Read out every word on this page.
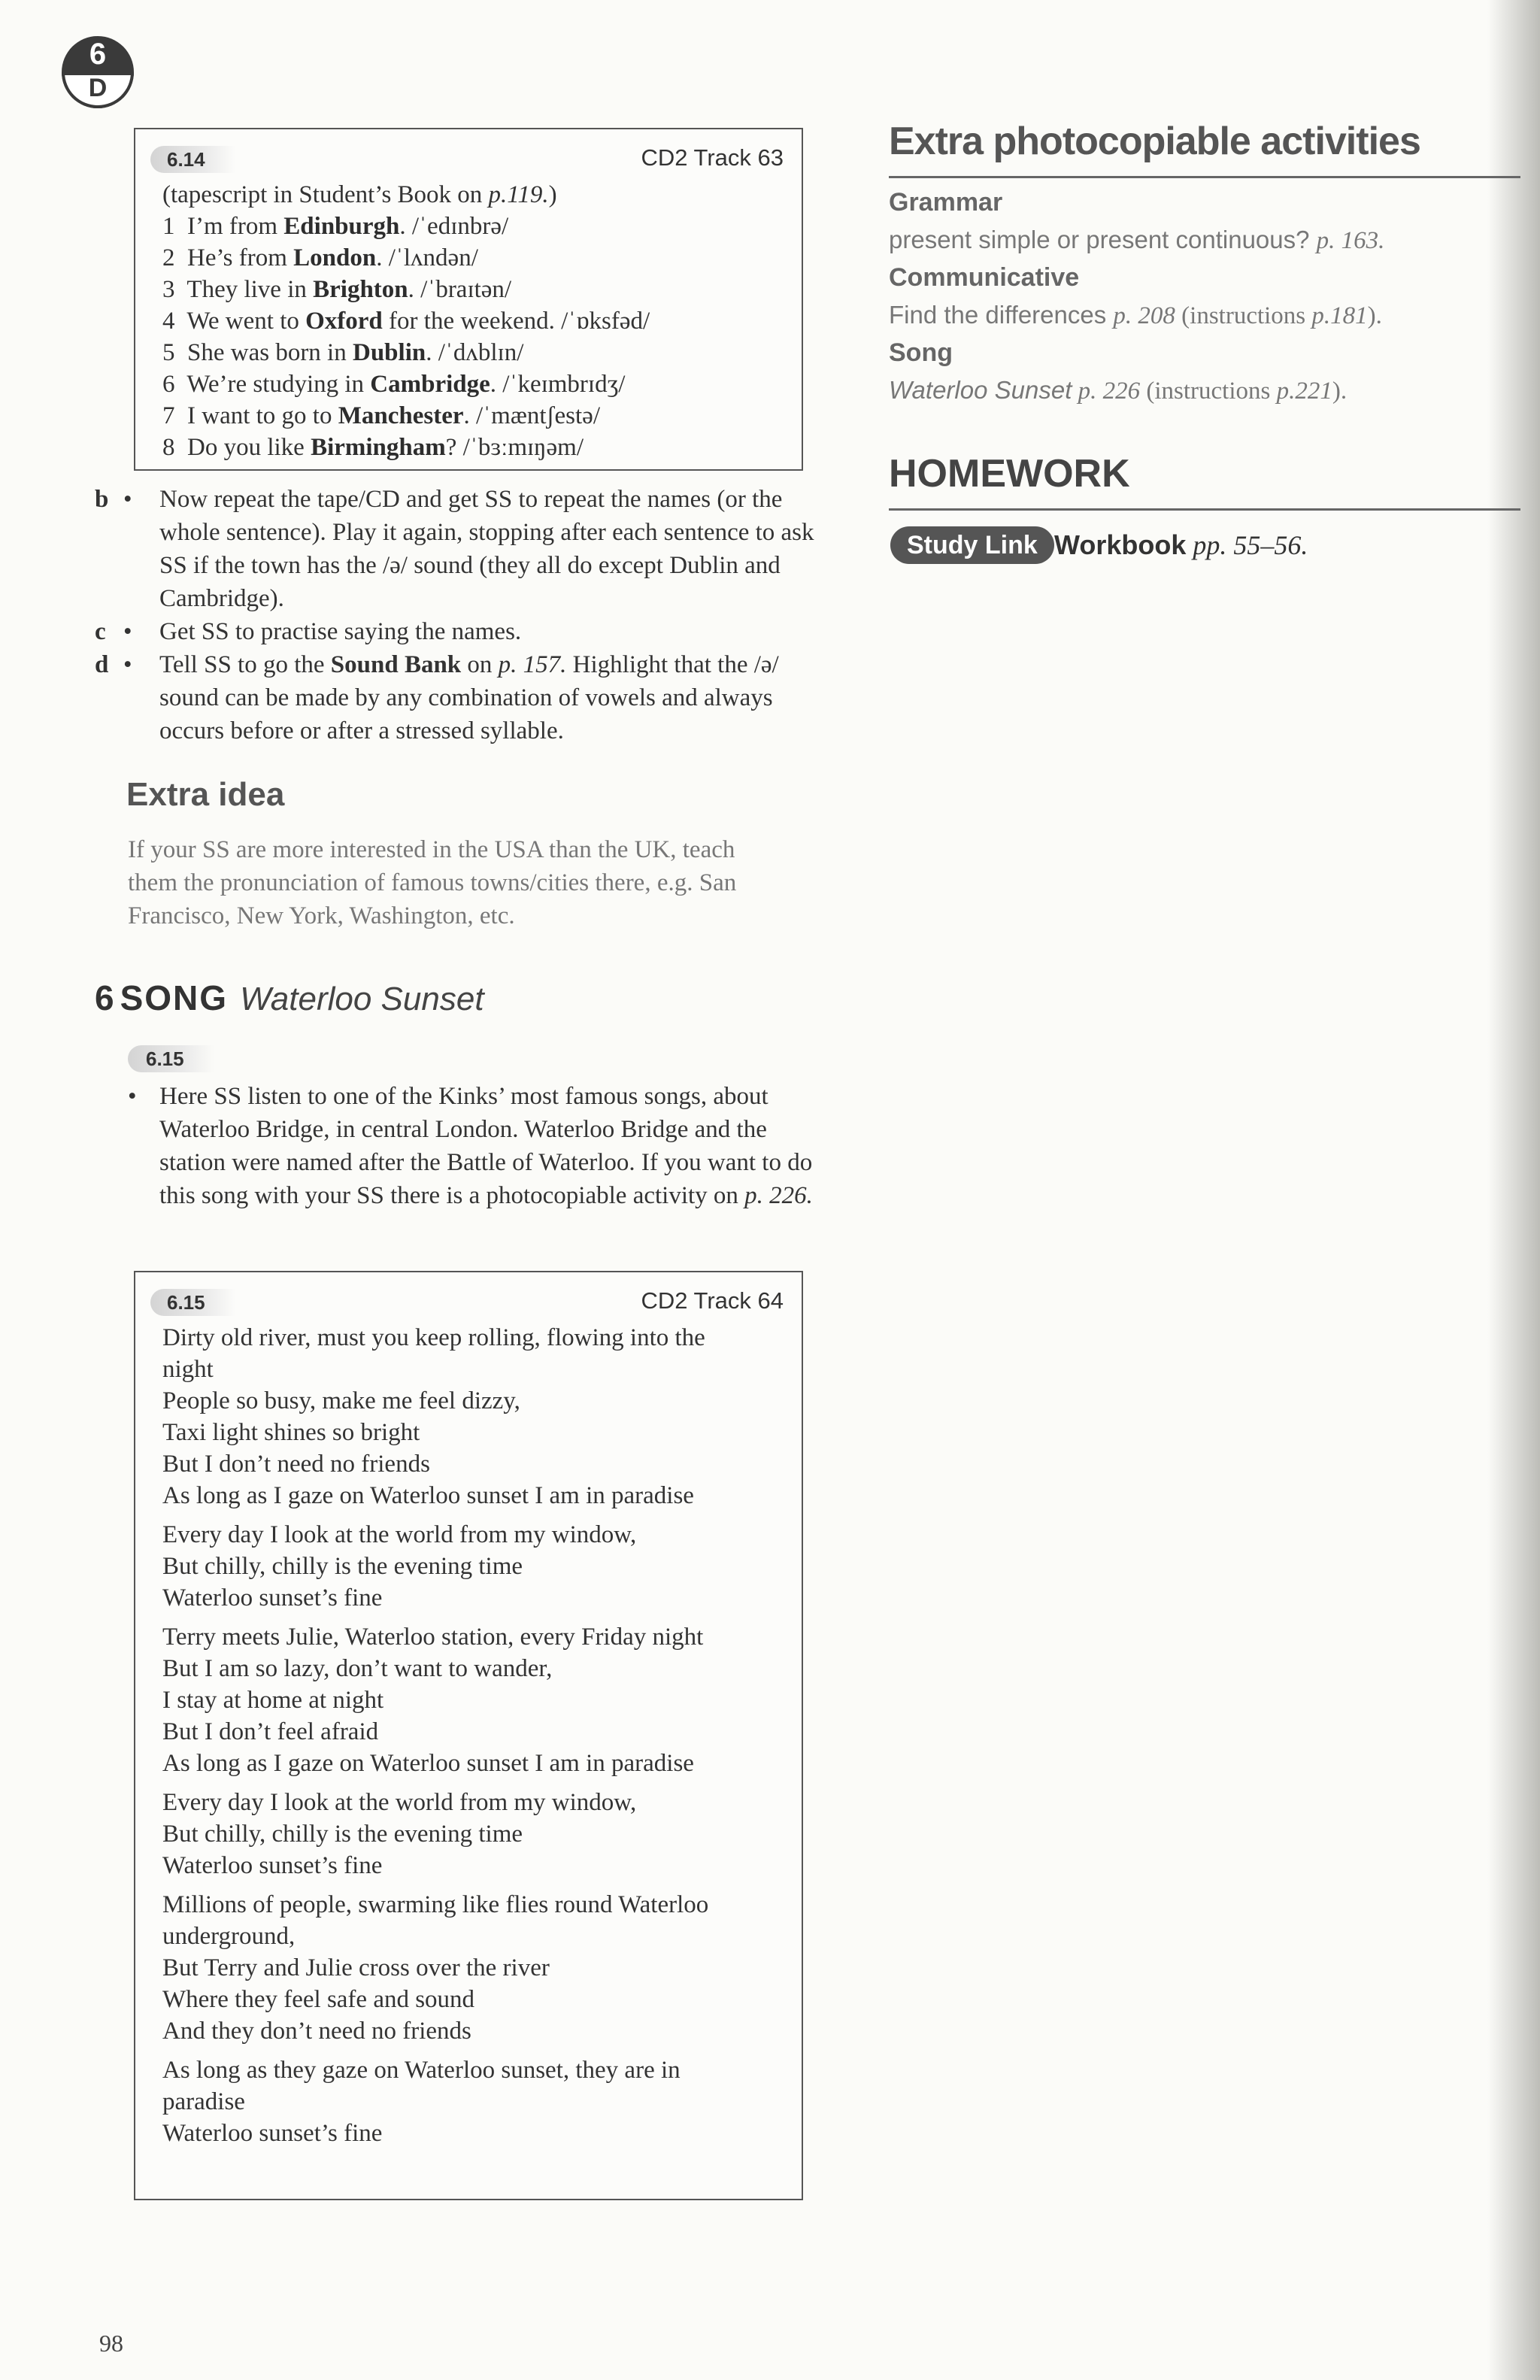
6
D
6.14	CD2 Track 63
(tapescript in Student’s Book on p.119.)
1 I’m from Edinburgh. /ˈedɪnbrə/
2 He’s from London. /ˈlʌndən/
3 They live in Brighton. /ˈbraɪtən/
4 We went to Oxford for the weekend. /ˈɒksfəd/
5 She was born in Dublin. /ˈdʌblɪn/
6 We’re studying in Cambridge. /ˈkeɪmbrɪdʒ/
7 I want to go to Manchester. /ˈmæntʃestə/
8 Do you like Birmingham? /ˈbɜːmɪŋəm/
b • Now repeat the tape/CD and get SS to repeat the names (or the whole sentence). Play it again, stopping after each sentence to ask SS if the town has the /ə/ sound (they all do except Dublin and Cambridge).
c • Get SS to practise saying the names.
d • Tell SS to go the Sound Bank on p. 157. Highlight that the /ə/ sound can be made by any combination of vowels and always occurs before or after a stressed syllable.
Extra idea
If your SS are more interested in the USA than the UK, teach them the pronunciation of famous towns/cities there, e.g. San Francisco, New York, Washington, etc.
6 SONG Waterloo Sunset
6.15
• Here SS listen to one of the Kinks’ most famous songs, about Waterloo Bridge, in central London. Waterloo Bridge and the station were named after the Battle of Waterloo. If you want to do this song with your SS there is a photocopiable activity on p. 226.
6.15	CD2 Track 64
Dirty old river, must you keep rolling, flowing into the
night
People so busy, make me feel dizzy,
Taxi light shines so bright
But I don’t need no friends
As long as I gaze on Waterloo sunset I am in paradise
Every day I look at the world from my window,
But chilly, chilly is the evening time
Waterloo sunset’s fine
Terry meets Julie, Waterloo station, every Friday night
But I am so lazy, don’t want to wander,
I stay at home at night
But I don’t feel afraid
As long as I gaze on Waterloo sunset I am in paradise
Every day I look at the world from my window,
But chilly, chilly is the evening time
Waterloo sunset’s fine
Millions of people, swarming like flies round Waterloo
underground,
But Terry and Julie cross over the river
Where they feel safe and sound
And they don’t need no friends
As long as they gaze on Waterloo sunset, they are in
paradise
Waterloo sunset’s fine
Extra photocopiable activities
Grammar
present simple or present continuous? p. 163.
Communicative
Find the differences p. 208 (instructions p.181).
Song
Waterloo Sunset p. 226 (instructions p.221).
HOMEWORK
Study Link Workbook pp. 55–56.
98
